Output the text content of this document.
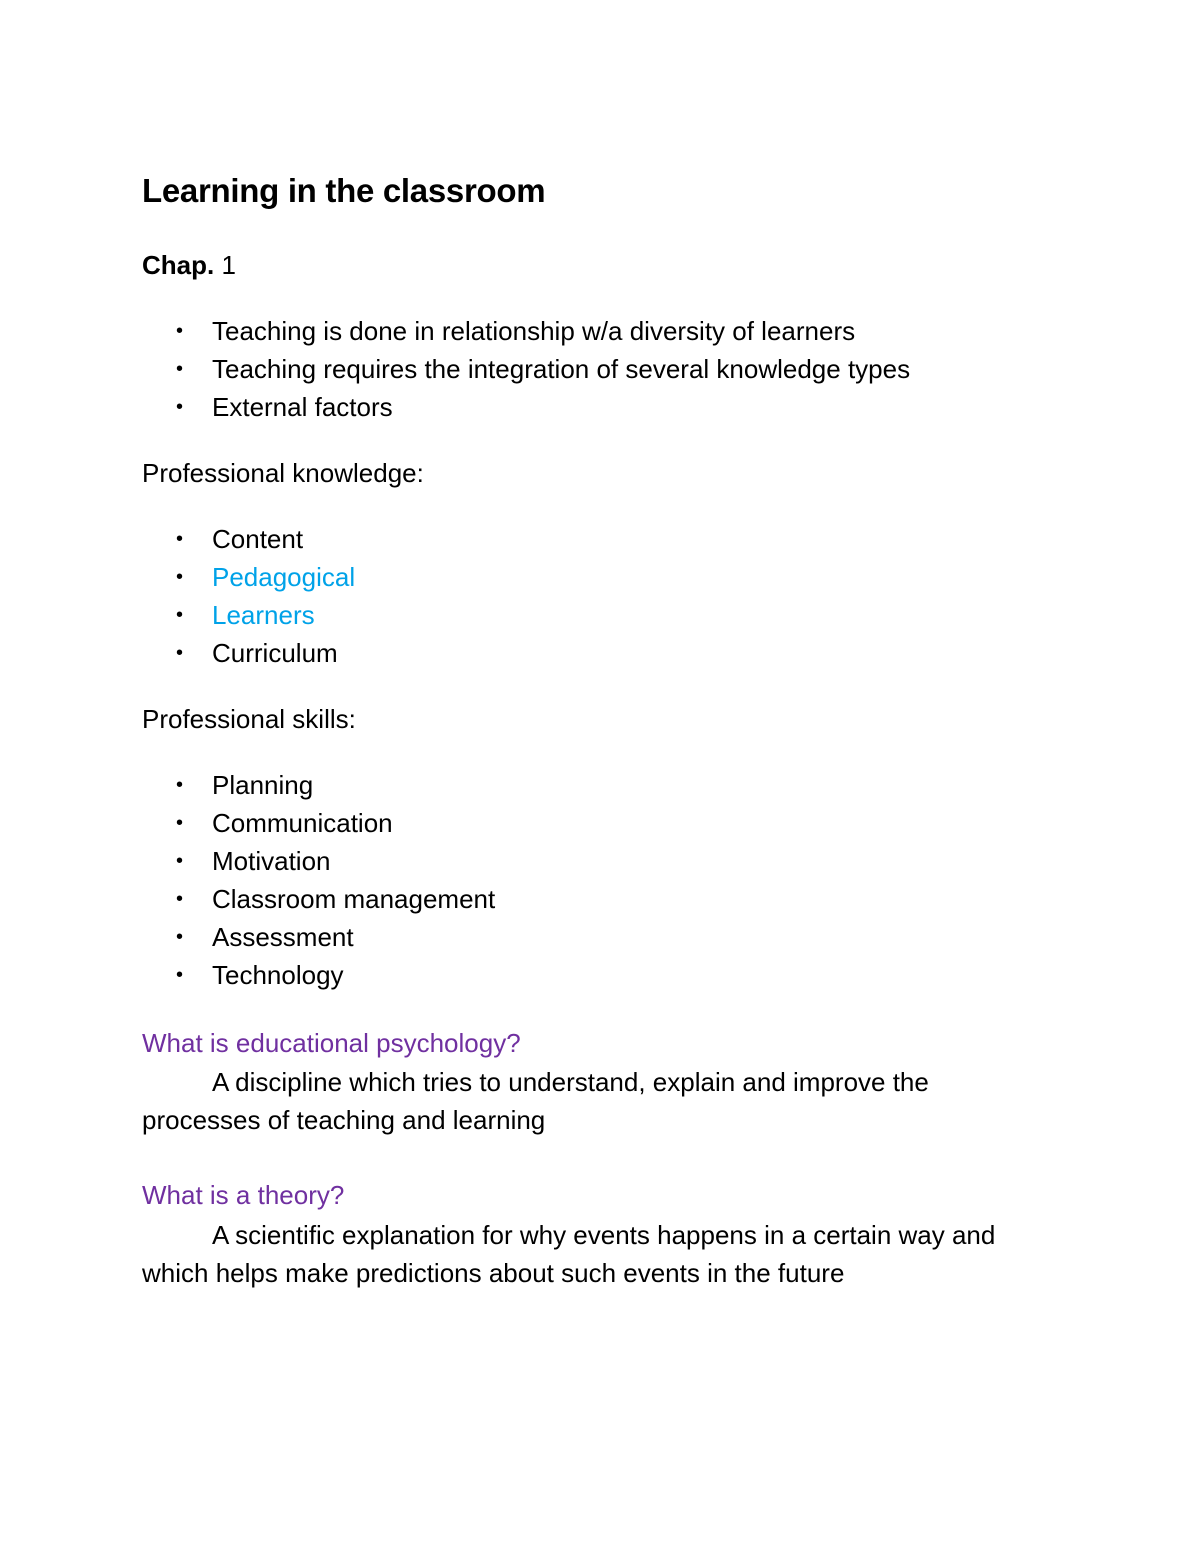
Learning in the classroom

Chap. 1

• Teaching is done in relationship w/a diversity of learners
• Teaching requires the integration of several knowledge types
• External factors

Professional knowledge:

• Content
• Pedagogical
• Learners
• Curriculum

Professional skills:

• Planning
• Communication
• Motivation
• Classroom management
• Assessment
• Technology

What is educational psychology?

A discipline which tries to understand, explain and improve the processes of teaching and learning

What is a theory?

A scientific explanation for why events happens in a certain way and which helps make predictions about such events in the future
